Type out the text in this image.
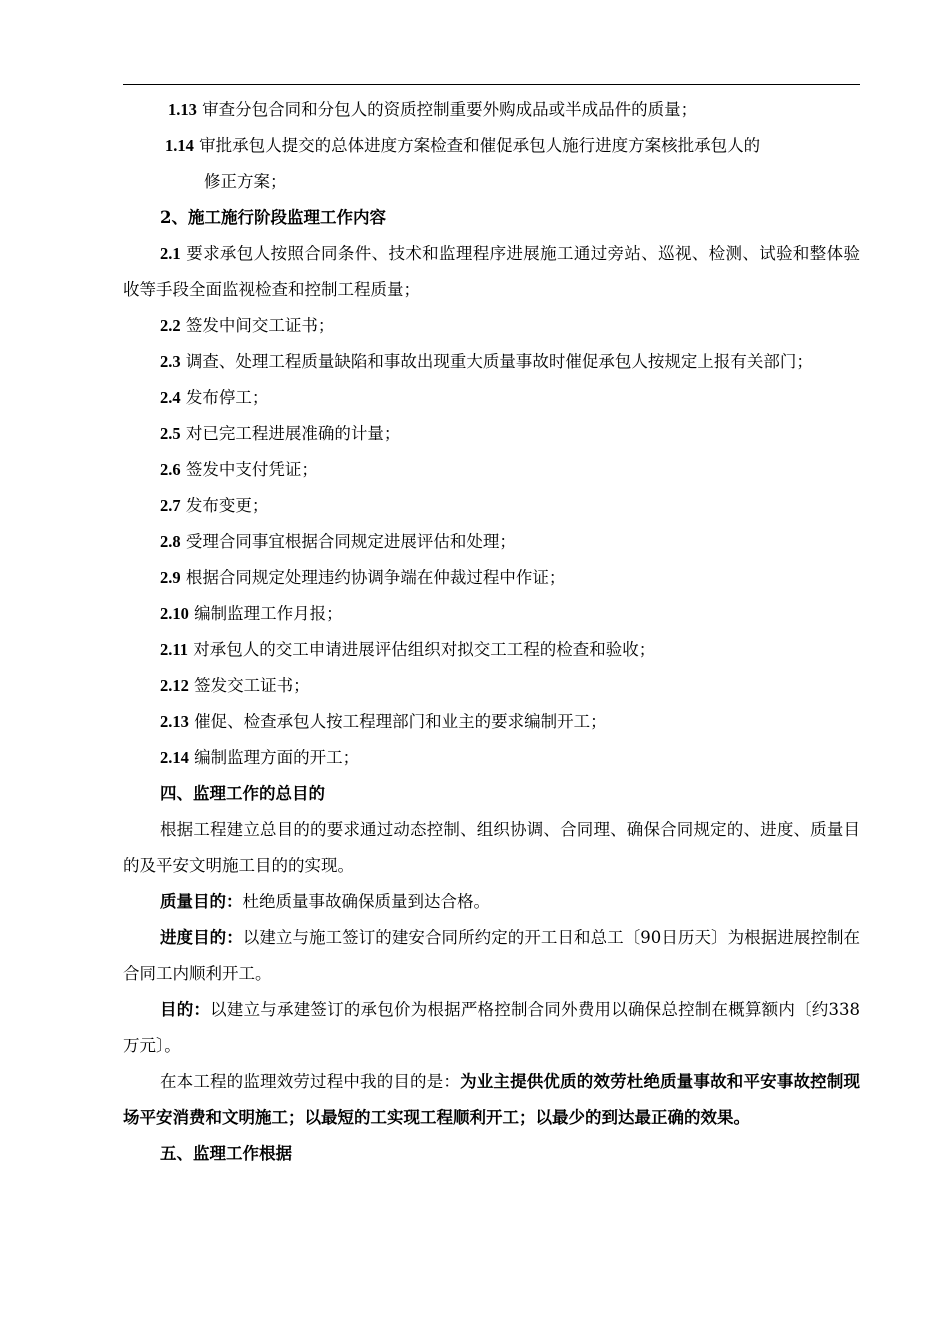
1.13 审查分包合同和分包人的资质控制重要外购成品或半成品件的质量；

1.14 审批承包人提交的总体进度方案检查和催促承包人施行进度方案核批承包人的

修正方案；

2、施工施行阶段监理工作内容

2.1 要求承包人按照合同条件、技术和监理程序进展施工通过旁站、巡视、检测、试验和整体验收等手段全面监视检查和控制工程质量；

2.2 签发中间交工证书；

2.3 调查、处理工程质量缺陷和事故出现重大质量事故时催促承包人按规定上报有关部门；

2.4 发布停工；

2.5 对已完工程进展准确的计量；

2.6 签发中支付凭证；

2.7 发布变更；

2.8 受理合同事宜根据合同规定进展评估和处理；

2.9 根据合同规定处理违约协调争端在仲裁过程中作证；

2.10 编制监理工作月报；

2.11 对承包人的交工申请进展评估组织对拟交工工程的检查和验收；

2.12 签发交工证书；

2.13 催促、检查承包人按工程理部门和业主的要求编制开工；

2.14 编制监理方面的开工；

四、监理工作的总目的

根据工程建立总目的的要求通过动态控制、组织协调、合同理、确保合同规定的、进度、质量目的及平安文明施工目的的实现。

质量目的：杜绝质量事故确保质量到达合格。

进度目的：以建立与施工签订的建安合同所约定的开工日和总工〔90日历天〕为根据进展控制在合同工内顺利开工。

目的：以建立与承建签订的承包价为根据严格控制合同外费用以确保总控制在概算额内〔约338万元〕。

在本工程的监理效劳过程中我的目的是：为业主提供优质的效劳杜绝质量事故和平安事故控制现场平安消费和文明施工；以最短的工实现工程顺利开工；以最少的到达最正确的效果。

五、监理工作根据
